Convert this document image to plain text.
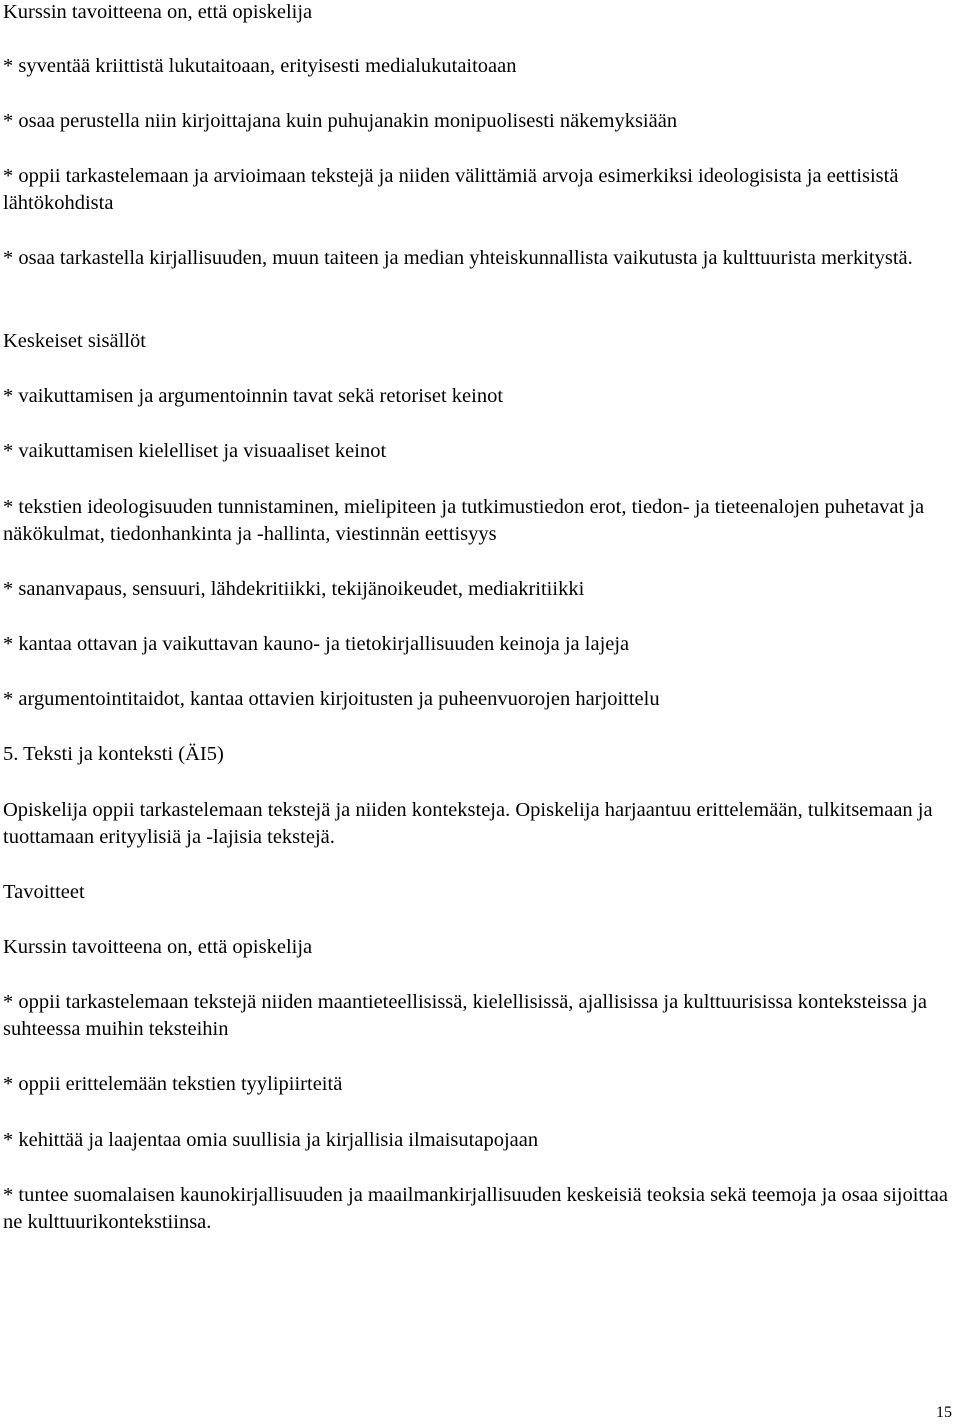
Kurssin tavoitteena on, että opiskelija

* syventää kriittistä lukutaitoaan, erityisesti medialukutaitoaan

* osaa perustella niin kirjoittajana kuin puhujanakin monipuolisesti näkemyksiään

* oppii tarkastelemaan ja arvioimaan tekstejä ja niiden välittämiä arvoja esimerkiksi ideologisista ja eettisistä lähtökohdista

* osaa tarkastella kirjallisuuden, muun taiteen ja median yhteiskunnallista vaikutusta ja kulttuurista merkitystä.

Keskeiset sisällöt

* vaikuttamisen ja argumentoinnin tavat sekä retoriset keinot

* vaikuttamisen kielelliset ja visuaaliset keinot

* tekstien ideologisuuden tunnistaminen, mielipiteen ja tutkimustiedon erot, tiedon- ja tieteenalojen puhetavat ja näkökulmat, tiedonhankinta ja -hallinta, viestinnän eettisyys

* sananvapaus, sensuuri, lähdekritiikki, tekijänoikeudet, mediakritiikki

* kantaa ottavan ja vaikuttavan kauno- ja tietokirjallisuuden keinoja ja lajeja

* argumentointitaidot, kantaa ottavien kirjoitusten ja puheenvuorojen harjoittelu

5. Teksti ja konteksti (ÄI5)

Opiskelija oppii tarkastelemaan tekstejä ja niiden konteksteja. Opiskelija harjaantuu erittelemään, tulkitsemaan ja tuottamaan erityylisiä ja -lajisia tekstejä.

Tavoitteet

Kurssin tavoitteena on, että opiskelija

* oppii tarkastelemaan tekstejä niiden maantieteellisissä, kielellisissä, ajallisissa ja kulttuurisissa konteksteissa ja suhteessa muihin teksteihin

* oppii erittelemään tekstien tyylipiirteitä

* kehittää ja laajentaa omia suullisia ja kirjallisia ilmaisutapojaan

* tuntee suomalaisen kaunokirjallisuuden ja maailmankirjallisuuden keskeisiä teoksia sekä teemoja ja osaa sijoittaa ne kulttuurikontekstiinsa.

15
